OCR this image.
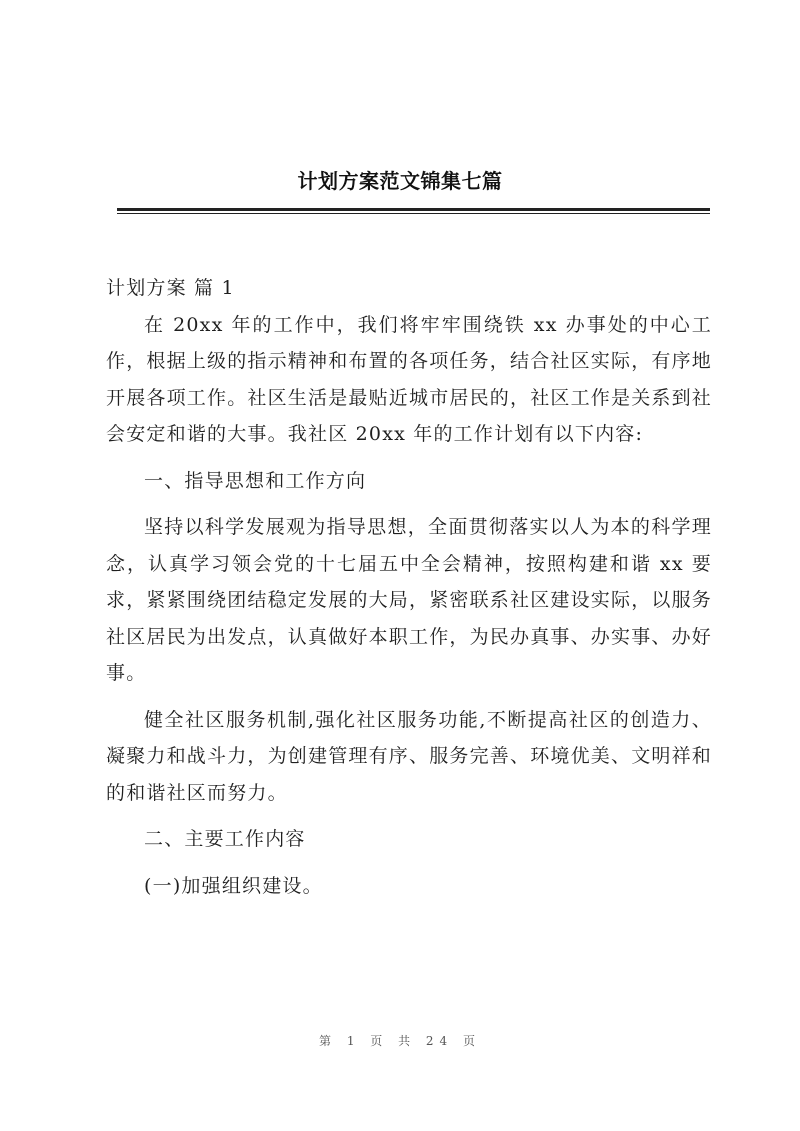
计划方案范文锦集七篇

计划方案 篇 1

在 20xx 年的工作中，我们将牢牢围绕铁 xx 办事处的中心工作，根据上级的指示精神和布置的各项任务，结合社区实际，有序地开展各项工作。社区生活是最贴近城市居民的，社区工作是关系到社会安定和谐的大事。我社区 20xx 年的工作计划有以下内容:

一、指导思想和工作方向

坚持以科学发展观为指导思想，全面贯彻落实以人为本的科学理念，认真学习领会党的十七届五中全会精神，按照构建和谐 xx 要求，紧紧围绕团结稳定发展的大局，紧密联系社区建设实际，以服务社区居民为出发点，认真做好本职工作，为民办真事、办实事、办好事。

健全社区服务机制,强化社区服务功能,不断提高社区的创造力、凝聚力和战斗力，为创建管理有序、服务完善、环境优美、文明祥和的和谐社区而努力。

二、主要工作内容

(一)加强组织建设。

第 1 页 共 24 页
